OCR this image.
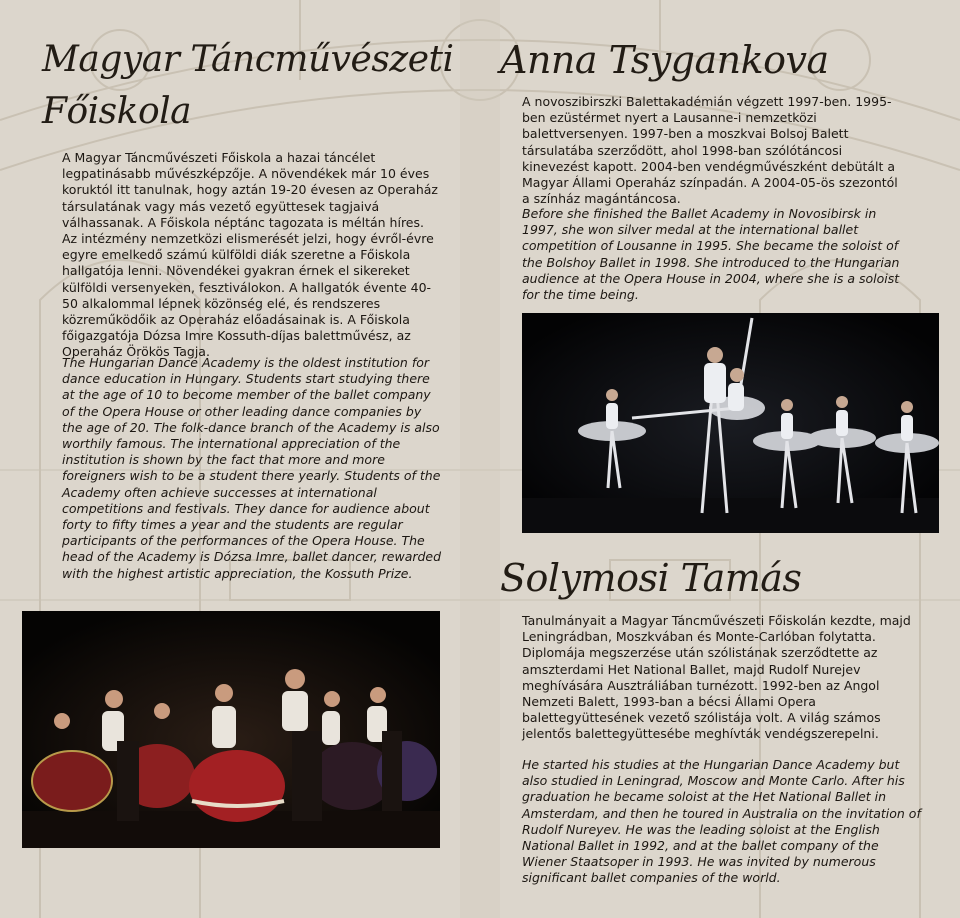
Magyar Táncművészeti
Főiskola

A Magyar Táncművészeti Főiskola a hazai táncélet legpatinásabb művészképzője. A növendékek már 10 éves koruktól itt tanulnak, hogy aztán 19-20 évesen az Operaház társulatának vagy más vezető együttesek tagjaivá válhassanak. A Főiskola néptánc tagozata is méltán híres. Az intézmény nemzetközi elismerését jelzi, hogy évről-évre egyre emelkedő számú külföldi diák szeretne a Főiskola hallgatója lenni. Növendékei gyakran érnek el sikereket külföldi versenyeken, fesztiválokon. A hallgatók évente 40-50 alkalommal lépnek közönség elé, és rendszeres közreműködőik az Operaház előadásainak is. A Főiskola főigazgatója Dózsa Imre Kossuth-díjas balettművész, az Operaház Örökös Tagja.

The Hungarian Dance Academy is the oldest institution for dance education in Hungary. Students start studying there at the age of 10 to become member of the ballet company of the Opera House or other leading dance companies by the age of 20. The folk-dance branch of the Academy is also worthily famous. The international appreciation of the institution is shown by the fact that more and more foreigners wish to be a student there yearly. Students of the Academy often achieve successes at international competitions and festivals. They dance for audience about forty to fifty times a year and the students are regular participants of the performances of the Opera House. The head of the Academy is Dózsa Imre, ballet dancer, rewarded with the highest artistic appreciation, the Kossuth Prize.

Anna Tsygankova

A novoszibirszki Balettakadémián végzett 1997-ben. 1995-ben ezüstérmet nyert a Lausanne-i nemzetközi balettversenyen. 1997-ben a moszkvai Bolsoj Balett társulatába szerződött, ahol 1998-ban szólótáncosi kinevezést kapott. 2004-ben vendégművészként debütált a Magyar Állami Operaház színpadán. A 2004-05-ös szezontól a színház magántáncosa.

Before she finished the Ballet Academy in Novosibirsk in 1997, she won silver medal at the international ballet competition of Lousanne in 1995. She became the soloist of the Bolshoy Ballet in 1998. She introduced to the Hungarian audience at the Opera House in 2004, where she is a soloist for the time being.

Solymosi Tamás

Tanulmányait a Magyar Táncművészeti Főiskolán kezdte, majd Leningrádban, Moszkvában és Monte-Carlóban folytatta. Diplomája megszerzése után szólistának szerződtette az amszterdami Het National Ballet, majd Rudolf Nurejev meghívására Ausztráliában turnézott. 1992-ben az Angol Nemzeti Balett, 1993-ban a bécsi Állami Opera balettegyüttesének vezető szólistája volt. A világ számos jelentős balettegyüttesébe meghívták vendégszerepelni.

He started his studies at the Hungarian Dance Academy but also studied in Leningrad, Moscow and Monte Carlo. After his graduation he became soloist at the Het National Ballet in Amsterdam, and then he toured in Australia on the invitation of Rudolf Nureyev. He was the leading soloist at the English National Ballet in 1992, and at the ballet company of the Wiener Staatsoper in 1993. He was invited by numerous significant ballet companies of the world.
